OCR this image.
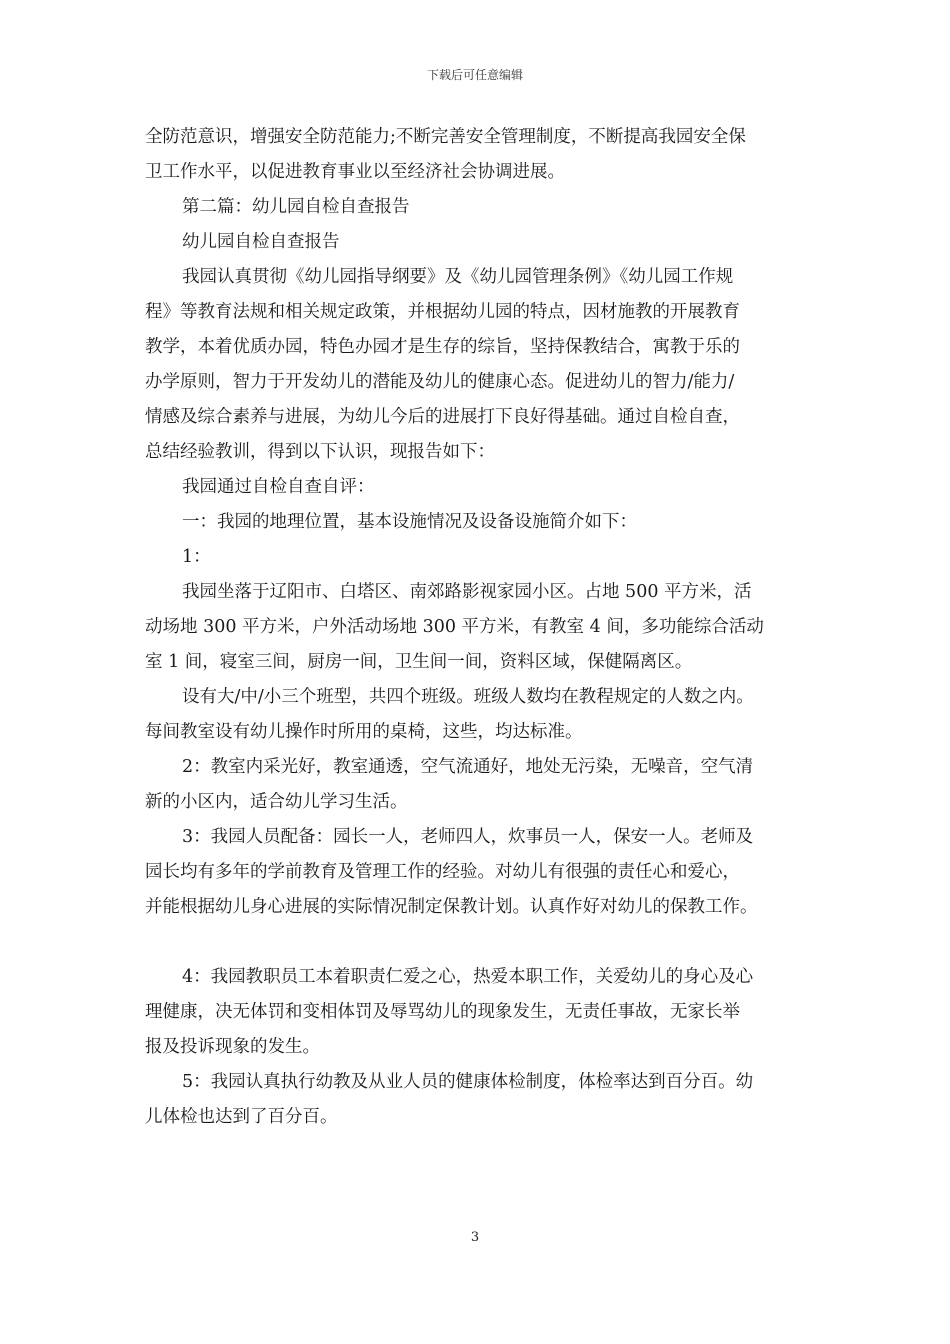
下载后可任意编辑
全防范意识，增强安全防范能力;不断完善安全管理制度，不断提高我园安全保
卫工作水平，以促进教育事业以至经济社会协调进展。
第二篇：幼儿园自检自查报告
幼儿园自检自查报告
我园认真贯彻《幼儿园指导纲要》及《幼儿园管理条例》《幼儿园工作规
程》等教育法规和相关规定政策，并根据幼儿园的特点，因材施教的开展教育
教学，本着优质办园，特色办园才是生存的综旨，坚持保教结合，寓教于乐的
办学原则，智力于开发幼儿的潜能及幼儿的健康心态。促进幼儿的智力/能力/
情感及综合素养与进展，为幼儿今后的进展打下良好得基础。通过自检自查，
总结经验教训，得到以下认识，现报告如下：
我园通过自检自查自评：
一：我园的地理位置，基本设施情况及设备设施简介如下：
1：
我园坐落于辽阳市、白塔区、南郊路影视家园小区。占地 500 平方米，活
动场地 300 平方米，户外活动场地 300 平方米，有教室 4 间，多功能综合活动
室 1 间，寝室三间，厨房一间，卫生间一间，资料区域，保健隔离区。
设有大/中/小三个班型，共四个班级。班级人数均在教程规定的人数之内。
每间教室设有幼儿操作时所用的桌椅，这些，均达标准。
2：教室内采光好，教室通透，空气流通好，地处无污染，无噪音，空气清
新的小区内，适合幼儿学习生活。
3：我园人员配备：园长一人，老师四人，炊事员一人，保安一人。老师及
园长均有多年的学前教育及管理工作的经验。对幼儿有很强的责任心和爱心，
并能根据幼儿身心进展的实际情况制定保教计划。认真作好对幼儿的保教工作。
4：我园教职员工本着职责仁爱之心，热爱本职工作，关爱幼儿的身心及心
理健康，决无体罚和变相体罚及辱骂幼儿的现象发生，无责任事故，无家长举
报及投诉现象的发生。
5：我园认真执行幼教及从业人员的健康体检制度，体检率达到百分百。幼
儿体检也达到了百分百。
3
